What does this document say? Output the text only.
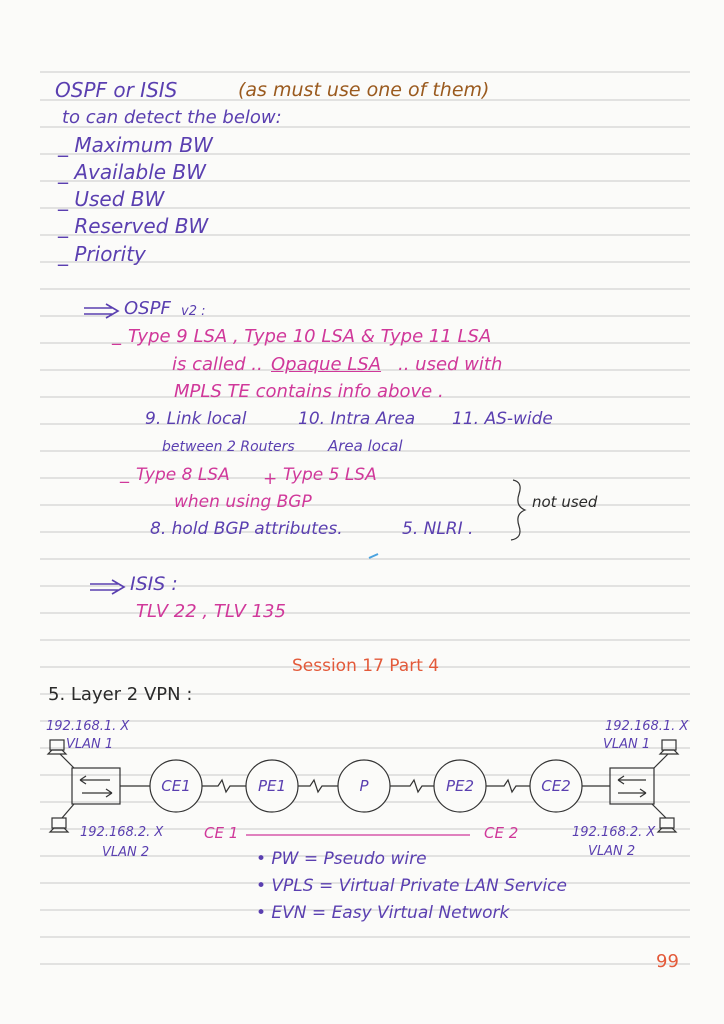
OSPF or ISIS	(as must use one of them)
to can detect the below:
_ Maximum BW
_ Available BW
_ Used BW
_ Reserved BW
_ Priority
OSPF v2 :
_ Type 9 LSA , Type 10 LSA & Type 11 LSA
is called .. Opaque LSA .. used with
MPLS TE contains info above .
9. Link local	10. Intra Area 11. AS-wide
between 2 Routers Area local
_ Type 8 LSA + Type 5 LSA
when using BGP
8. hold BGP attributes.	5. NLRI .
not used
ISIS :
TLV 22 , TLV 135
Session 17 Part 4
5. Layer 2 VPN :
192.168.1. X
VLAN 1
192.168.1. X
VLAN 1
192.168.2. X
VLAN 2
192.168.2. X
VLAN 2
CE1	PE1	P	PE2	CE2
CE 1	CE 2
• PW = Pseudo wire
• VPLS = Virtual Private LAN Service
• EVN = Easy Virtual Network
99
